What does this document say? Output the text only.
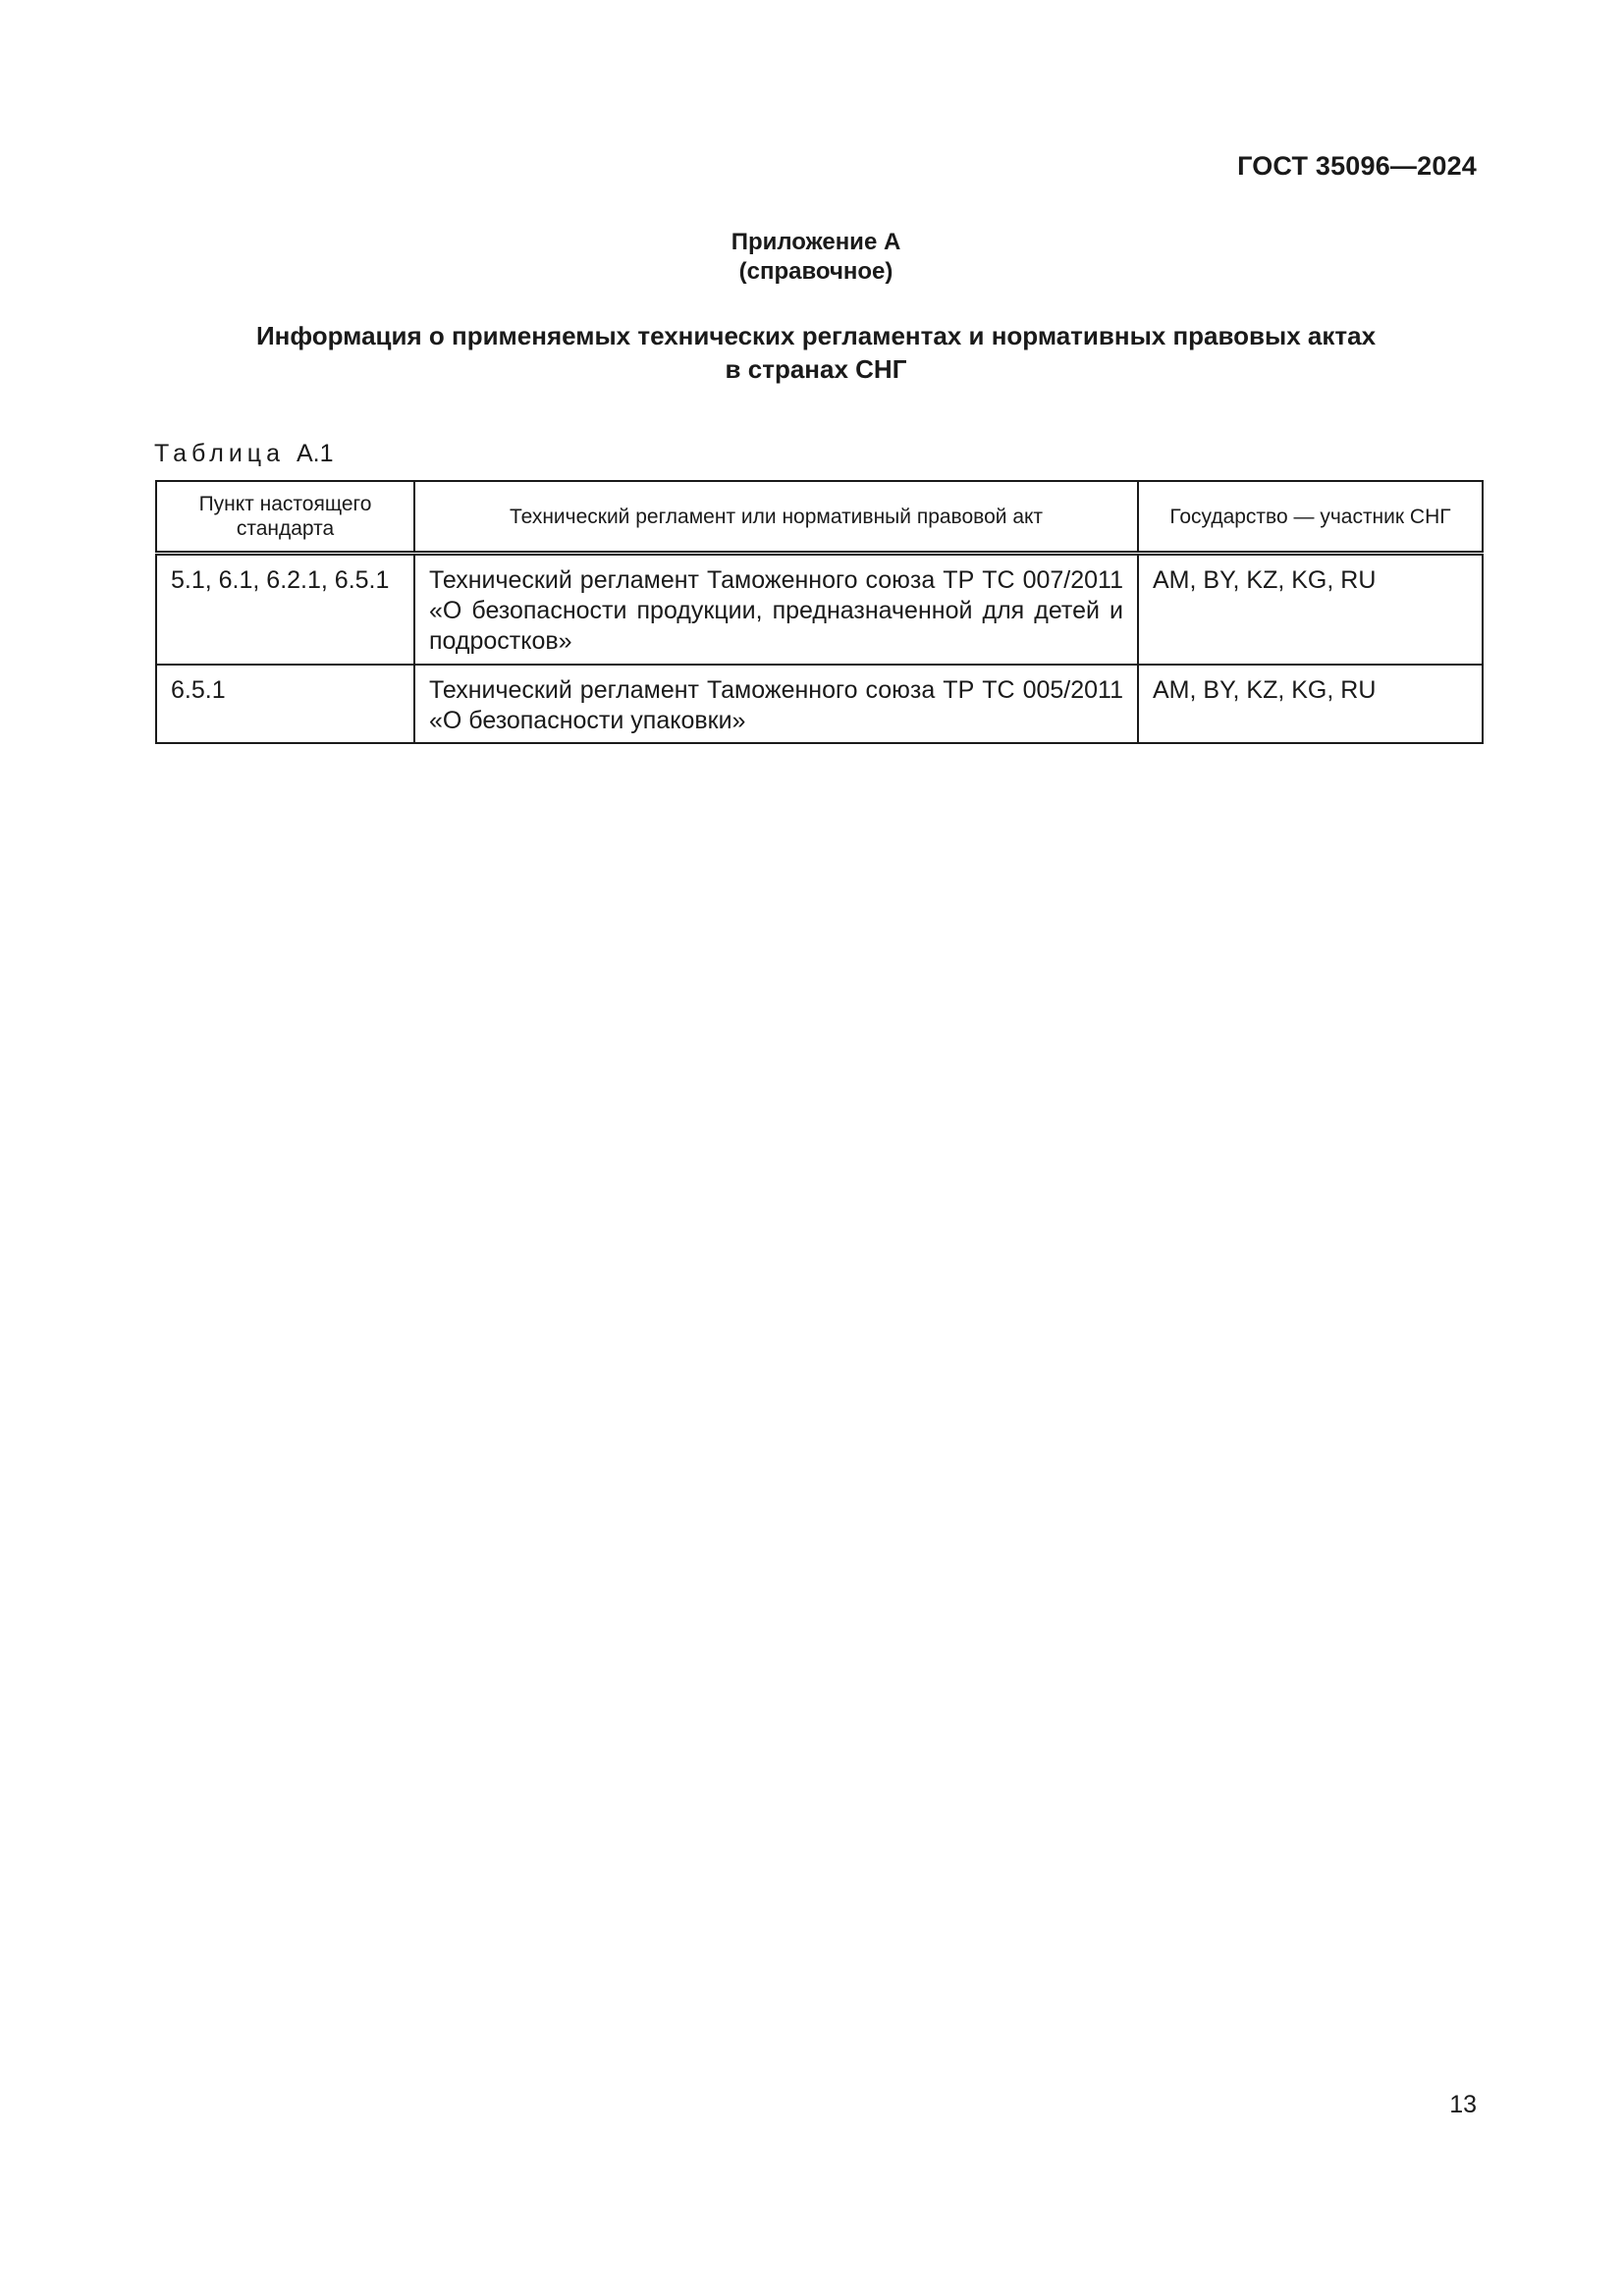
ГОСТ 35096—2024
Приложение А
(справочное)
Информация о применяемых технических регламентах и нормативных правовых актах
в странах СНГ
Таблица А.1
Пункт настоящего стандарта	Технический регламент или нормативный правовой акт	Государство — участник СНГ
5.1, 6.1, 6.2.1, 6.5.1	Технический регламент Таможенного союза ТР ТС 007/2011 «О безопасности продукции, предназначенной для детей и подростков»	AM, BY, KZ, KG, RU
6.5.1	Технический регламент Таможенного союза ТР ТС 005/2011 «О безопасности упаковки»	AM, BY, KZ, KG, RU
13
